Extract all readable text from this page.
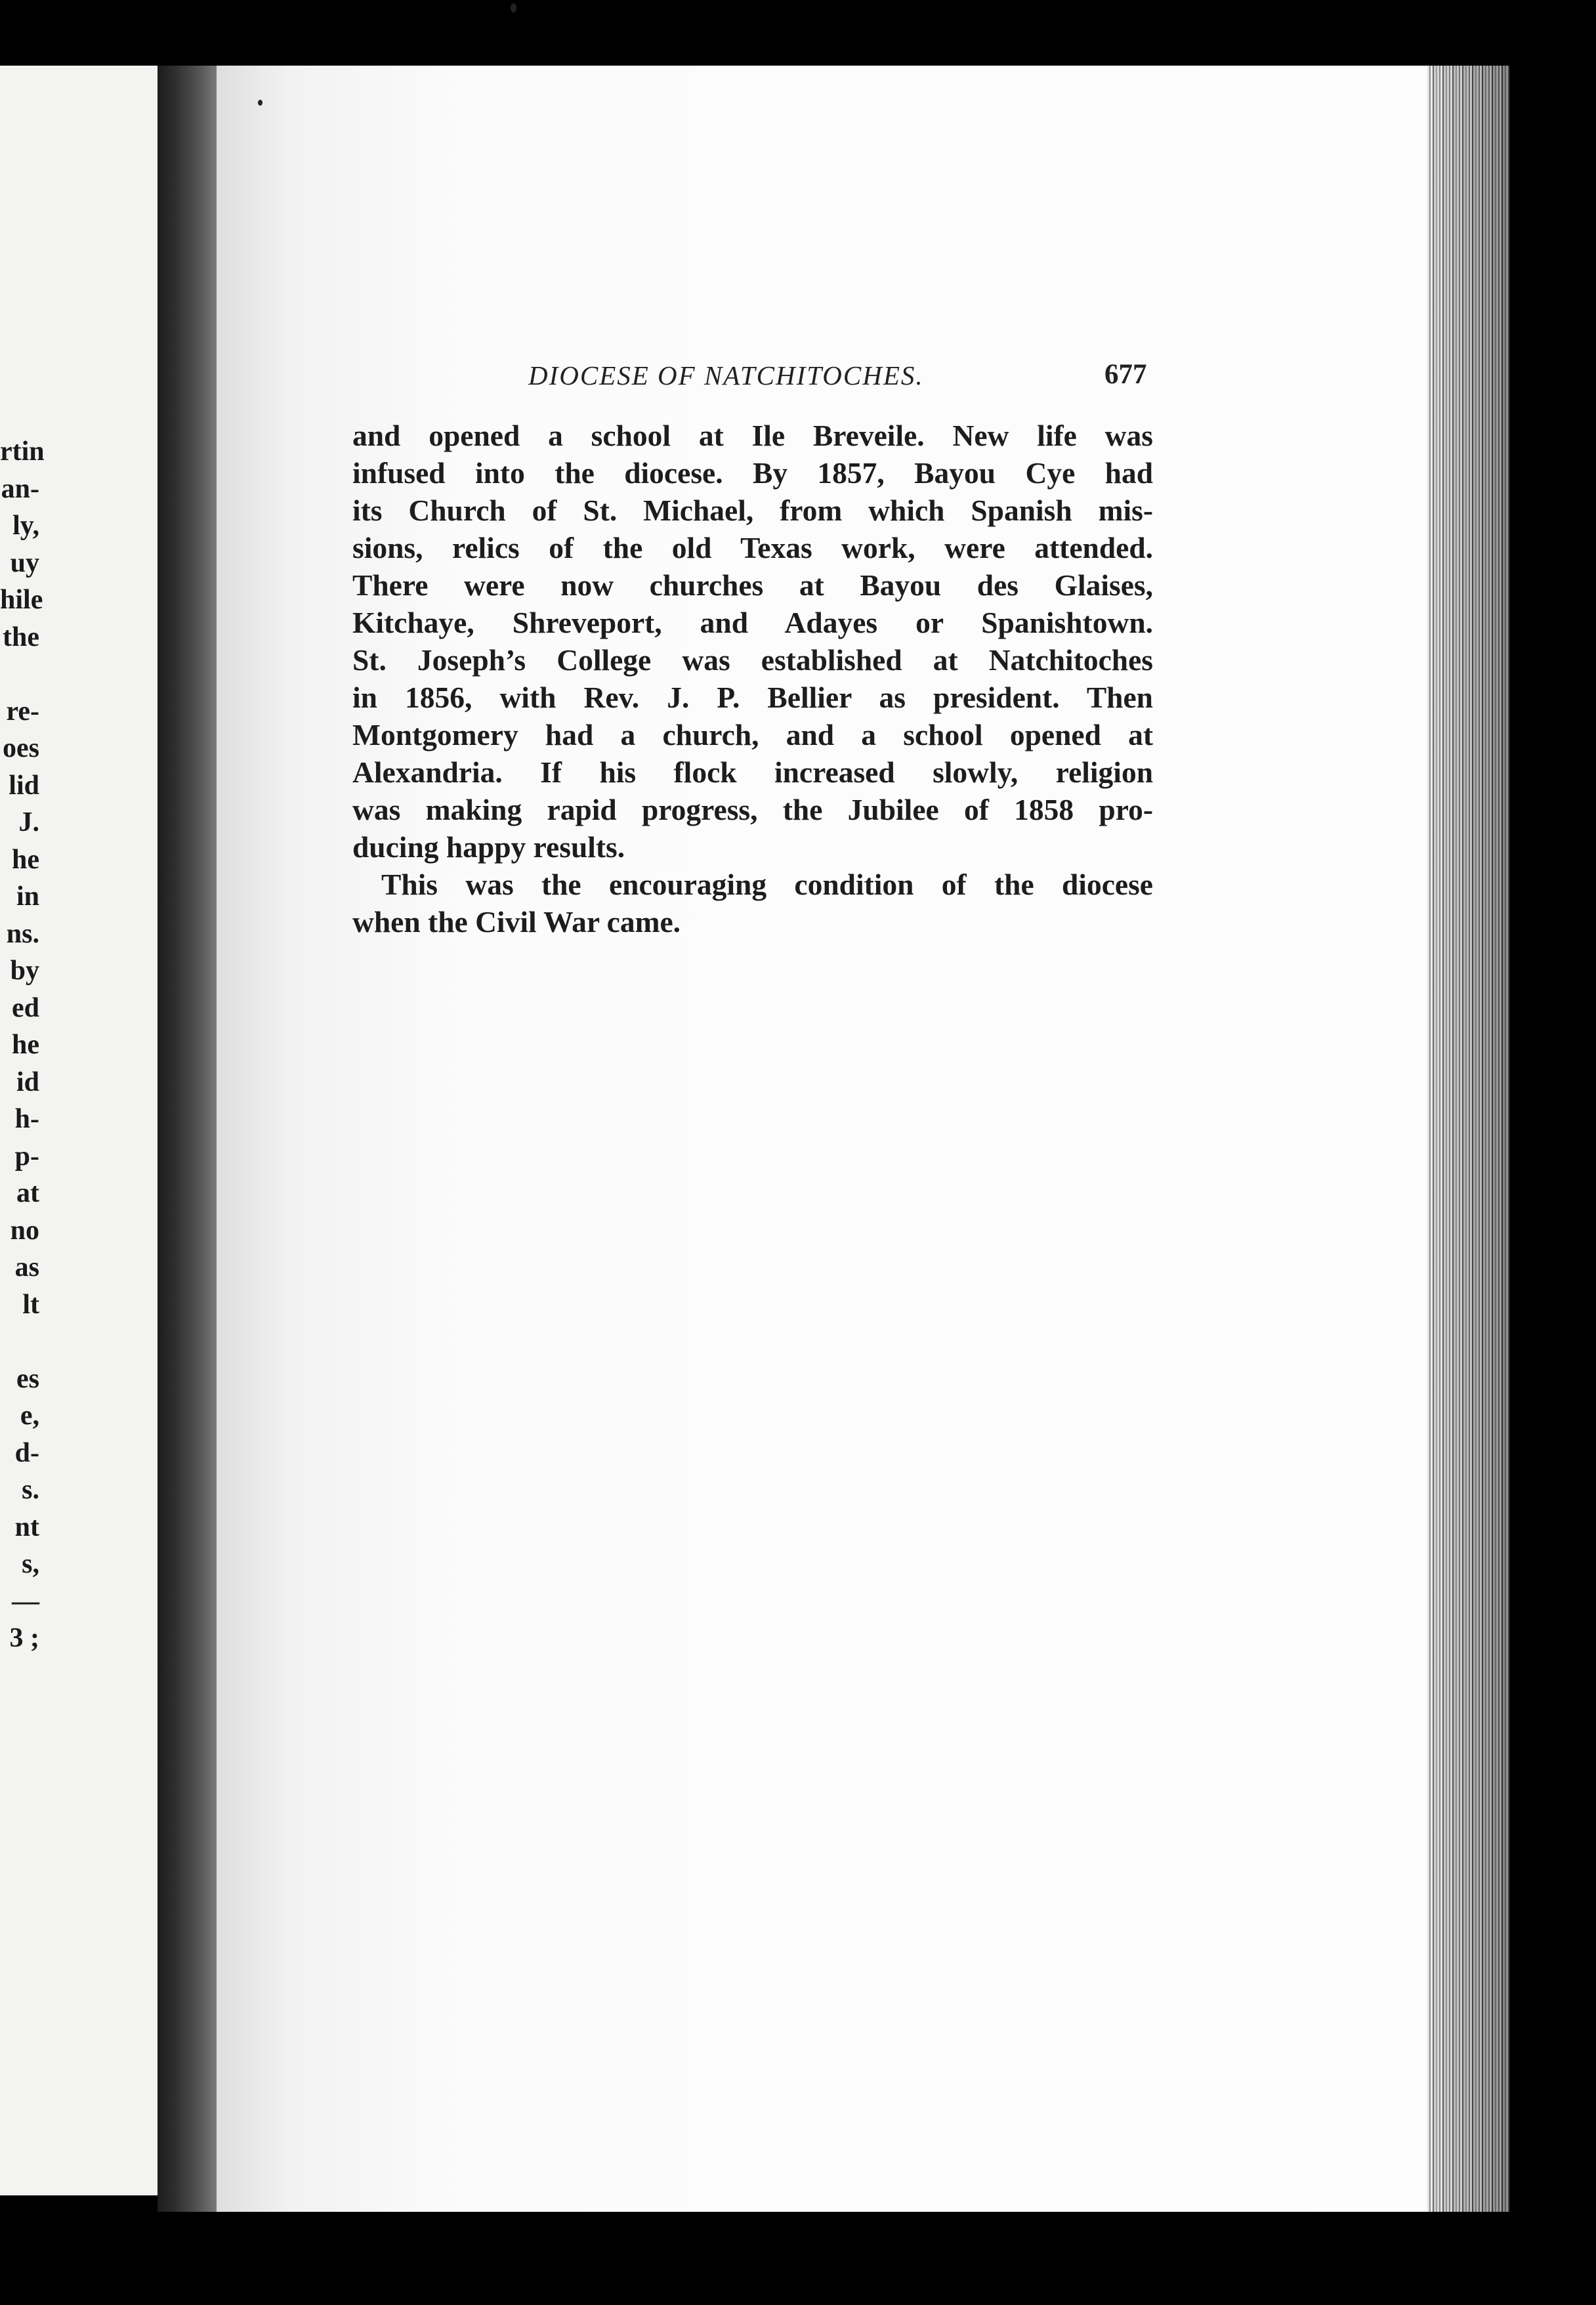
rtin
an-
ly,
uy
hile
the
re-
oes
lid
J.
he
in
ns.
by
ed
he
id
h-
p-
at
no
as
lt
es
e,
d-
s.
nt
s,
—
3 ;
DIOCESE OF NATCHITOCHES.	677
and opened a school at Ile Breveile. New life was
infused into the diocese. By 1857, Bayou Cye had
its Church of St. Michael, from which Spanish mis-
sions, relics of the old Texas work, were attended.
There were now churches at Bayou des Glaises,
Kitchaye, Shreveport, and Adayes or Spanishtown.
St. Joseph’s College was established at Natchitoches
in 1856, with Rev. J. P. Bellier as president. Then
Montgomery had a church, and a school opened at
Alexandria. If his flock increased slowly, religion
was making rapid progress, the Jubilee of 1858 pro-
ducing happy results.
This was the encouraging condition of the diocese
when the Civil War came.
